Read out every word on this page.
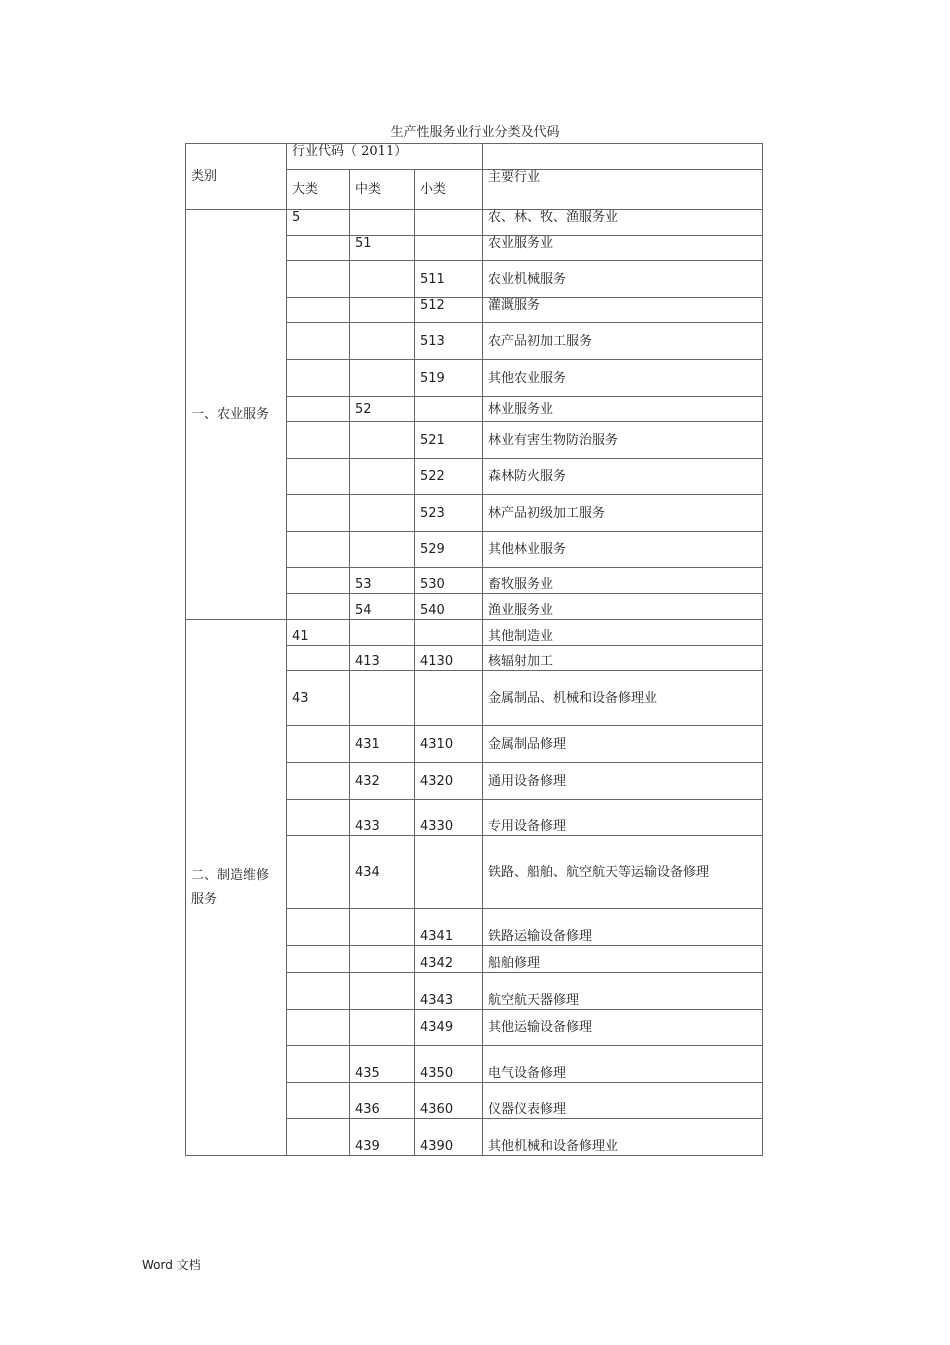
生产性服务业行业分类及代码
类别	行业代码（ 2011）			
	大类	中类	小类	主要行业
一、农业服务	5			农、林、牧、渔服务业
		51		农业服务业
			511	农业机械服务
			512	灌溉服务
			513	农产品初加工服务
			519	其他农业服务
		52		林业服务业
			521	林业有害生物防治服务
			522	森林防火服务
			523	林产品初级加工服务
			529	其他林业服务
		53	530	畜牧服务业
		54	540	渔业服务业
二、制造维修服务	41			其他制造业
		413	4130	核辐射加工
	43			金属制品、机械和设备修理业
		431	4310	金属制品修理
		432	4320	通用设备修理
		433	4330	专用设备修理
		434		铁路、船舶、航空航天等运输设备修理
			4341	铁路运输设备修理
			4342	船舶修理
			4343	航空航天器修理
			4349	其他运输设备修理
		435	4350	电气设备修理
		436	4360	仪器仪表修理
		439	4390	其他机械和设备修理业
Word 文档
